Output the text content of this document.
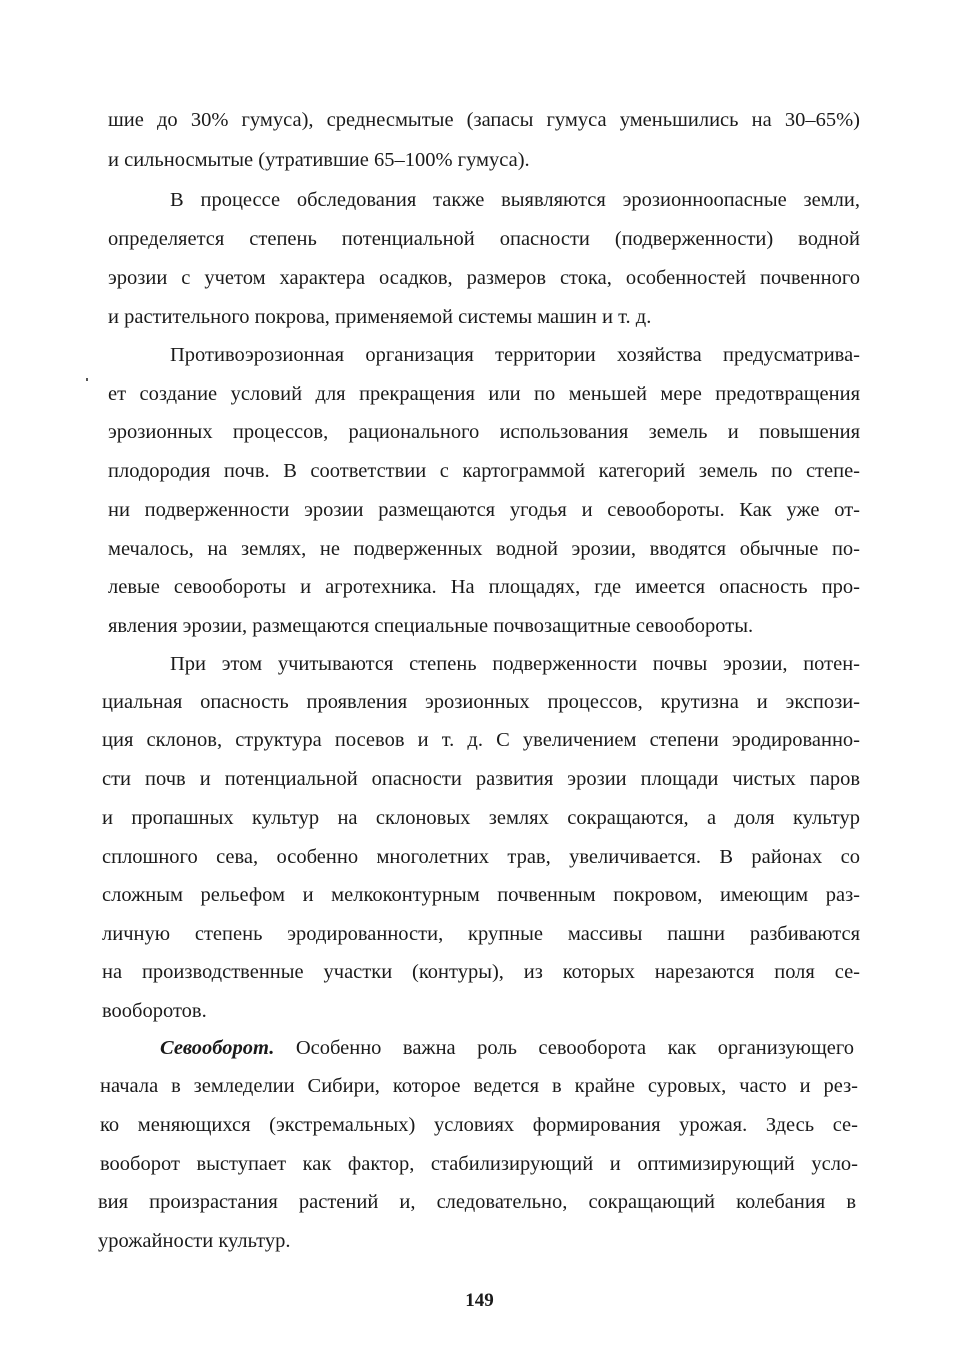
шие до 30% гумуса), среднесмытые (запасы гумуса уменьшились на 30–65%)
и сильносмытые (утратившие 65–100% гумуса).
В процессе обследования также выявляются эрозионноопасные земли,
определяется степень потенциальной опасности (подверженности) водной
эрозии с учетом характера осадков, размеров стока, особенностей почвенного
и растительного покрова, применяемой системы машин и т. д.
Противоэрозионная организация территории хозяйства предусматрива-
ет создание условий для прекращения или по меньшей мере предотвращения
эрозионных процессов, рационального использования земель и повышения
плодородия почв. В соответствии с картограммой категорий земель по степе-
ни подверженности эрозии размещаются угодья и севообороты. Как уже от-
мечалось, на землях, не подверженных водной эрозии, вводятся обычные по-
левые севообороты и агротехника. На площадях, где имеется опасность про-
явления эрозии, размещаются специальные почвозащитные севообороты.
При этом учитываются степень подверженности почвы эрозии, потен-
циальная опасность проявления эрозионных процессов, крутизна и экспози-
ция склонов, структура посевов и т. д. С увеличением степени эродированно-
сти почв и потенциальной опасности развития эрозии площади чистых паров
и пропашных культур на склоновых землях сокращаются, а доля культур
сплошного сева, особенно многолетних трав, увеличивается. В районах со
сложным рельефом и мелкоконтурным почвенным покровом, имеющим раз-
личную степень эродированности, крупные массивы пашни разбиваются
на производственные участки (контуры), из которых нарезаются поля се-
вооборотов.
Севооборот. Особенно важна роль севооборота как организующего
начала в земледелии Сибири, которое ведется в крайне суровых, часто и рез-
ко меняющихся (экстремальных) условиях формирования урожая. Здесь се-
вооборот выступает как фактор, стабилизирующий и оптимизирующий усло-
вия произрастания растений и, следовательно, сокращающий колебания в
урожайности культур.
149
